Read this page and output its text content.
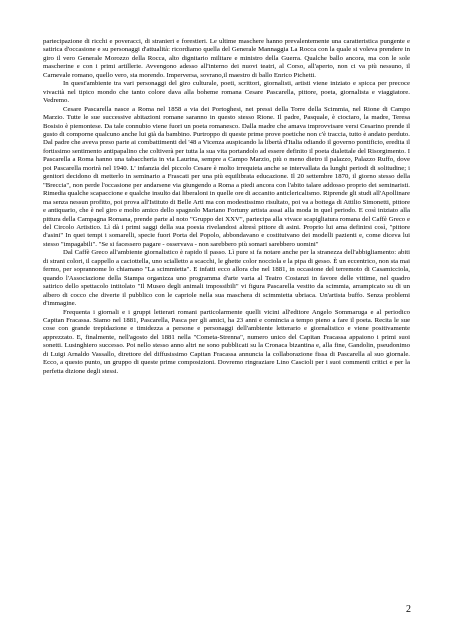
partecipazione di ricchi e poveracci, di stranieri e forestieri. Le ultime maschere hanno prevalentemente una caratteristica pungente e satirica d'occasione e su personaggi d'attualità: ricordiamo quella del Generale Mannaggia La Rocca con la quale si voleva prendere in giro il vero Generale Morozzo della Rocca, alto dignitario militare e ministro della Guerra. Qualche ballo ancora, ma con le sole mascherine e con i primi artillerie. Avvengono adesso all'interno dei nuovi teatri, al Corso, all'aperto, non ci va più nessuno, il Carnevale romano, quello vero, sta morendo. Imperversa, sovrano,il maestro di ballo Enrico Pichetti.

In quest'ambiente tra vari personaggi del giro culturale, poeti, scrittori, giornalisti, artisti viene iniziato e spicca per precoce vivacità nel tipico mondo che tanto colore dava alla boheme romana Cesare Pascarella, pittore, poeta, giornalista e viaggiatore. Vedremo.

Cesare Pascarella nasce a Roma nel 1858 a via dei Portoghesi, nei pressi della Torre della Scimmia, nel Rione di Campo Marzio. Tutte le sue successive abitazioni romane saranno in questo stesso Rione. Il padre, Pasquale, è ciociaro, la madre, Teresa Bosisio è piemontese. Da tale connubio viene fuori un poeta romanesco. Dalla madre che amava improvvisare versi Cesarino prende il gusto di comporne qualcuno anche lui già da bambino. Purtroppo di queste prime prove poetiche non c'è traccia, tutto è andato perduto. Dal padre che aveva preso parte ai combattimenti del '48 a Vicenza auspicando la libertà d'Italia odiando il governo pontificio, eredita il fortissimo sentimento antipapalino che coltiverà per tutta la sua vita portandolo ad essere definito il poeta dialettale del Risorgimento. I Pascarella a Roma hanno una tabaccheria in via Laurina, sempre a Campo Marzio, più o meno dietro il palazzo, Palazzo Ruffo, dove poi Pascarella morirà nel 1940. L' infanzia del piccolo Cesare è molto irrequieta anche se intervallata da lunghi periodi di solitudine; i genitori decidono di metterlo in seminario a Frascati per una più equilibrata educazione. Il 20 settembre 1870, il giorno stesso della "Breccia", non perde l'occasione per andarsene via giungendo a Roma a piedi ancora con l'abito talare addosso proprio dei seminaristi. Rimedia qualche scapaccione e qualche insulto dai liberaloni in quelle ore di accanito anticlericalismo. Riprende gli studi all'Apollinare ma senza nessun profitto, poi prova all'Istituto di Belle Arti ma con modestissimo risultato, poi va a bottega di Attilio Simonetti, pittore e antiquario, che è nel giro e molto amico dello spagnolo Mariano Fortuny artista assai alla moda in quel periodo. E così iniziato alla pittura della Campagna Romana, prende parte al noto "Gruppo dei XXV", partecipa alla vivace scapigliatura romana del Caffè Greco e del Circolo Artistico. Lì dà i primi saggi della sua poesia rivelandosi altresì pittore di asini. Proprio lui ama definirsi così, "pittore d'asini" In quei tempi i somarelli, specie fuori Porta del Popolo, abbondavano e costituivano dei modelli pazienti e, come diceva lui stesso "impagabili". "Se si facessero pagare - osservava - non sarebbero più somari sarebbero uomini"

Dal Caffè Greco all'ambiente giornalistico è rapido il passo. Lì pure si fa notare anche per la stranezza dell'abbigliamento: abiti di strani colori, il cappello a caciottella, uno scialletto a scacchi, le ghette color nocciola e la pipa di gesso. È un eccentrico, non sta mai fermo, per soprannome lo chiamano "La scimmietta". E infatti ecco allora che nel 1881, in occasione del terremoto di Casamicciola, quando l'Associazione della Stampa organizza uno programma d'arte varia al Teatro Costanzi in favore delle vittime, nel quadro satirico dello spettacolo intitolato "Il Museo degli animali impossibili" vi figura Pascarella vestito da scimmia, arrampicato su di un albero di cocco che diverte il pubblico con le capriole nella sua maschera di scimmietta ubriaca. Un'artista buffo. Senza problemi d'immagine.

Frequenta i giornali e i gruppi letterari romani particolarmente quelli vicini all'editore Angelo Sommaruga e al periodico Capitan Fracassa. Siamo nel 1881, Pascarella, Pasca per gli amici, ha 23 anni e comincia a tempo pieno a fare il poeta. Recita le sue cose con grande trepidazione e timidezza a persone e personaggi dell'ambiente letterario e giornalistico e viene positivamente apprezzato. E, finalmente, nell'agosto del 1881 nella "Cometa-Strenna", numero unico del Capitan Fracassa appaiono i primi suoi sonetti. Lusinghiero successo. Poi nello stesso anno altri ne sono pubblicati su la Cronaca bizantina e, alla fine, Gandolin, pseudonimo di Luigi Arnaldo Vassallo, direttore del diffusissimo Capitan Fracassa annuncia la collaborazione fissa di Pascarella al suo giornale. Ecco, a questo punto, un gruppo di queste prime composizioni. Dovremo ringraziare Lino Cascioli per i suoi commenti critici e per la perfetta dizione degli stessi.

2
